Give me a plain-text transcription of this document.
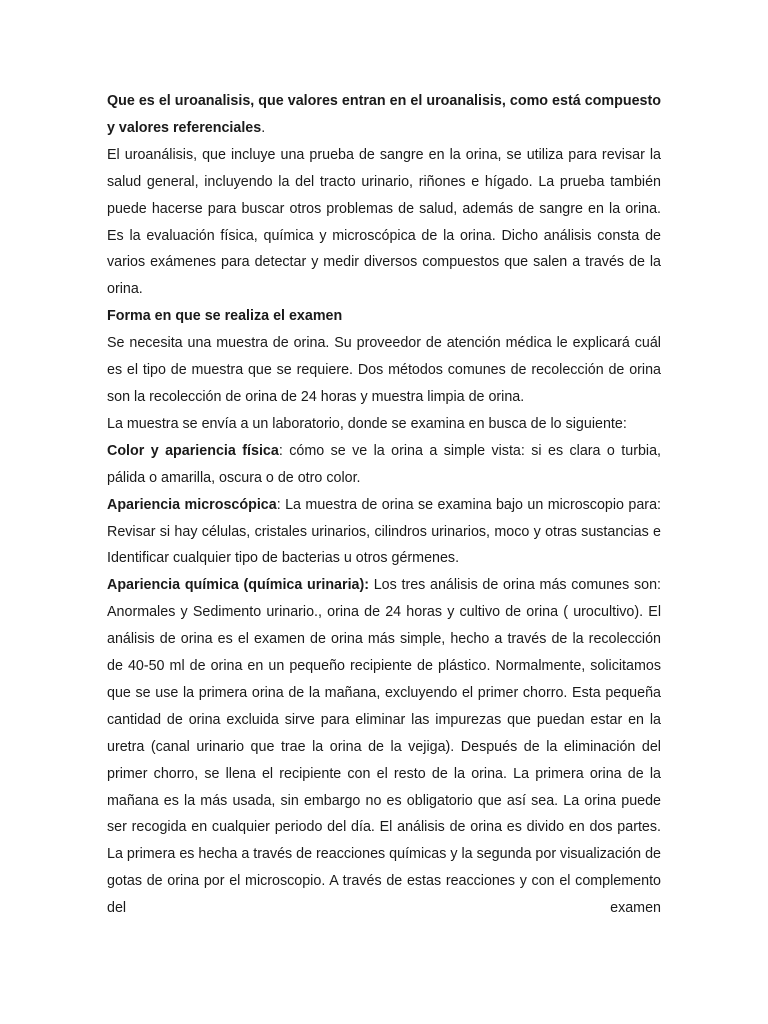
Que es el uroanalisis, que valores entran en el uroanalisis, como está compuesto y valores referenciales.

El uroanálisis, que incluye una prueba de sangre en la orina, se utiliza para revisar la salud general, incluyendo la del tracto urinario, riñones e hígado. La prueba también puede hacerse para buscar otros problemas de salud, además de sangre en la orina. Es la evaluación física, química y microscópica de la orina. Dicho análisis consta de varios exámenes para detectar y medir diversos compuestos que salen a través de la orina.

Forma en que se realiza el examen

Se necesita una muestra de orina. Su proveedor de atención médica le explicará cuál es el tipo de muestra que se requiere. Dos métodos comunes de recolección de orina son la recolección de orina de 24 horas y muestra limpia de orina.

La muestra se envía a un laboratorio, donde se examina en busca de lo siguiente:

Color y apariencia física: cómo se ve la orina a simple vista: si es clara o turbia, pálida o amarilla, oscura o de otro color.

Apariencia microscópica: La muestra de orina se examina bajo un microscopio para: Revisar si hay células, cristales urinarios, cilindros urinarios, moco y otras sustancias e Identificar cualquier tipo de bacterias u otros gérmenes.

Apariencia química (química urinaria): Los tres análisis de orina más comunes son: Anormales y Sedimento urinario., orina de 24 horas y cultivo de orina ( urocultivo). El análisis de orina es el examen de orina más simple, hecho a través de la recolección de 40-50 ml de orina en un pequeño recipiente de plástico. Normalmente, solicitamos que se use la primera orina de la mañana, excluyendo el primer chorro. Esta pequeña cantidad de orina excluida sirve para eliminar las impurezas que puedan estar en la uretra (canal urinario que trae la orina de la vejiga). Después de la eliminación del primer chorro, se llena el recipiente con el resto de la orina. La primera orina de la mañana es la más usada, sin embargo no es obligatorio que así sea. La orina puede ser recogida en cualquier periodo del día. El análisis de orina es divido en dos partes. La primera es hecha a través de reacciones químicas y la segunda por visualización de gotas de orina por el microscopio. A través de estas reacciones y con el complemento del examen
